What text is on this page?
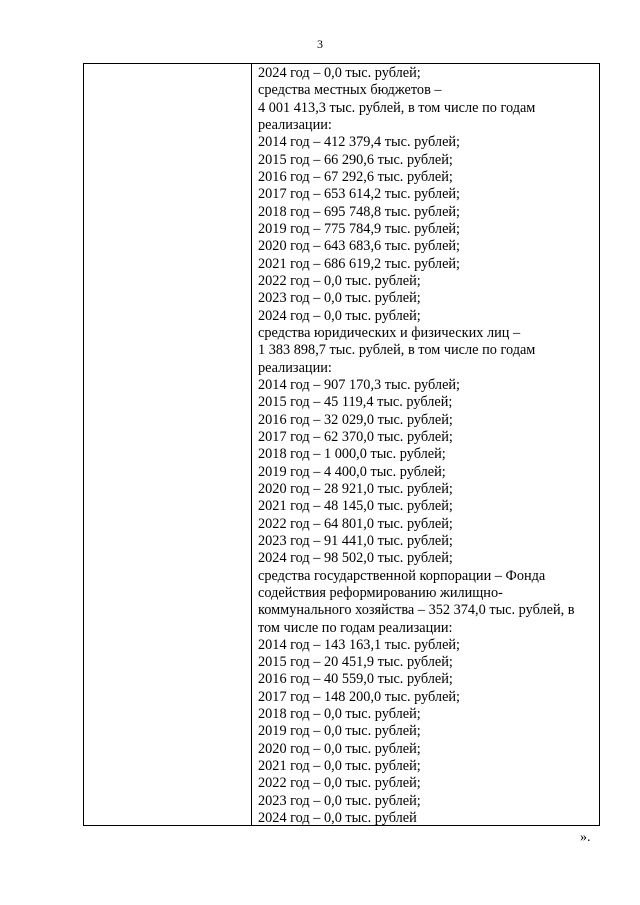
3
2024 год – 0,0 тыс. рублей;
средства местных бюджетов –
4 001 413,3 тыс. рублей, в том числе по годам
реализации:
2014 год – 412 379,4 тыс. рублей;
2015 год – 66 290,6 тыс. рублей;
2016 год – 67 292,6 тыс. рублей;
2017 год – 653 614,2 тыс. рублей;
2018 год – 695 748,8 тыс. рублей;
2019 год – 775 784,9 тыс. рублей;
2020 год – 643 683,6 тыс. рублей;
2021 год – 686 619,2 тыс. рублей;
2022 год – 0,0 тыс. рублей;
2023 год – 0,0 тыс. рублей;
2024 год – 0,0 тыс. рублей;
средства юридических и физических лиц –
1 383 898,7 тыс. рублей, в том числе по годам
реализации:
2014 год – 907 170,3 тыс. рублей;
2015 год – 45 119,4 тыс. рублей;
2016 год – 32 029,0 тыс. рублей;
2017 год – 62 370,0 тыс. рублей;
2018 год – 1 000,0 тыс. рублей;
2019 год – 4 400,0 тыс. рублей;
2020 год – 28 921,0 тыс. рублей;
2021 год – 48 145,0 тыс. рублей;
2022 год – 64 801,0 тыс. рублей;
2023 год – 91 441,0 тыс. рублей;
2024 год – 98 502,0 тыс. рублей;
средства государственной корпорации – Фонда
содействия реформированию жилищно-
коммунального хозяйства – 352 374,0 тыс. рублей, в
том числе по годам реализации:
2014 год – 143 163,1 тыс. рублей;
2015 год – 20 451,9 тыс. рублей;
2016 год – 40 559,0 тыс. рублей;
2017 год – 148 200,0 тыс. рублей;
2018 год – 0,0 тыс. рублей;
2019 год – 0,0 тыс. рублей;
2020 год – 0,0 тыс. рублей;
2021 год – 0,0 тыс. рублей;
2022 год – 0,0 тыс. рублей;
2023 год – 0,0 тыс. рублей;
2024 год – 0,0 тыс. рублей
».
